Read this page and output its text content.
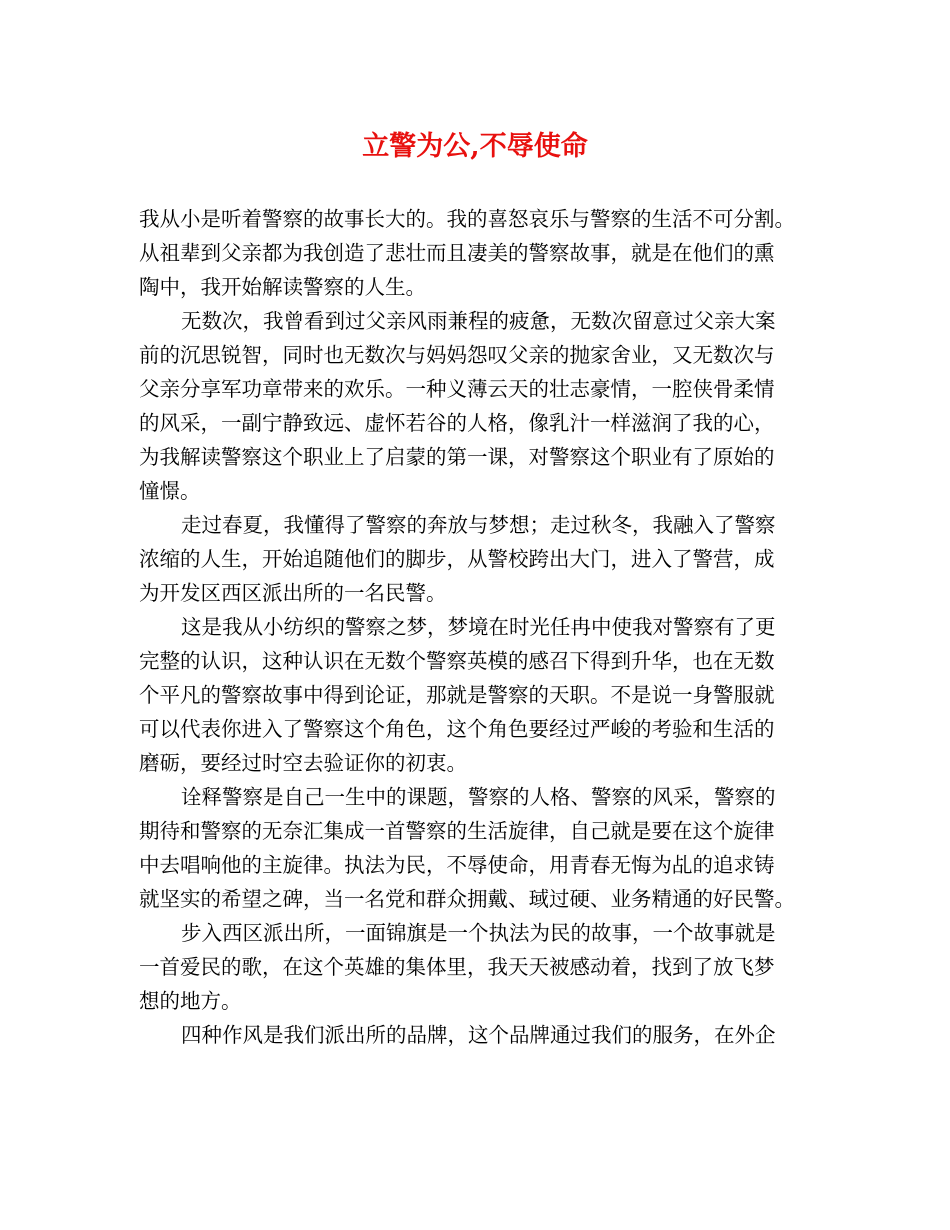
立警为公,不辱使命
我从小是听着警察的故事长大的。我的喜怒哀乐与警察的生活不可分割。
从祖辈到父亲都为我创造了悲壮而且凄美的警察故事，就是在他们的熏
陶中，我开始解读警察的人生。
无数次，我曾看到过父亲风雨兼程的疲惫，无数次留意过父亲大案
前的沉思锐智，同时也无数次与妈妈怨叹父亲的抛家舍业，又无数次与
父亲分享军功章带来的欢乐。一种义薄云天的壮志豪情，一腔侠骨柔情
的风采，一副宁静致远、虚怀若谷的人格，像乳汁一样滋润了我的心，
为我解读警察这个职业上了启蒙的第一课，对警察这个职业有了原始的
憧憬。
走过春夏，我懂得了警察的奔放与梦想；走过秋冬，我融入了警察
浓缩的人生，开始追随他们的脚步，从警校跨出大门，进入了警营，成
为开发区西区派出所的一名民警。
这是我从小纺织的警察之梦，梦境在时光任冉中使我对警察有了更
完整的认识，这种认识在无数个警察英模的感召下得到升华，也在无数
个平凡的警察故事中得到论证，那就是警察的天职。不是说一身警服就
可以代表你进入了警察这个角色，这个角色要经过严峻的考验和生活的
磨砺，要经过时空去验证你的初衷。
诠释警察是自己一生中的课题，警察的人格、警察的风采，警察的
期待和警察的无奈汇集成一首警察的生活旋律，自己就是要在这个旋律
中去唱响他的主旋律。执法为民，不辱使命，用青春无悔为乩的追求铸
就坚实的希望之碑，当一名党和群众拥戴、琙过硬、业务精通的好民警。
步入西区派出所，一面锦旗是一个执法为民的故事，一个故事就是
一首爱民的歌，在这个英雄的集体里，我天天被感动着，找到了放飞梦
想的地方。
四种作风是我们派出所的品牌，这个品牌通过我们的服务，在外企
